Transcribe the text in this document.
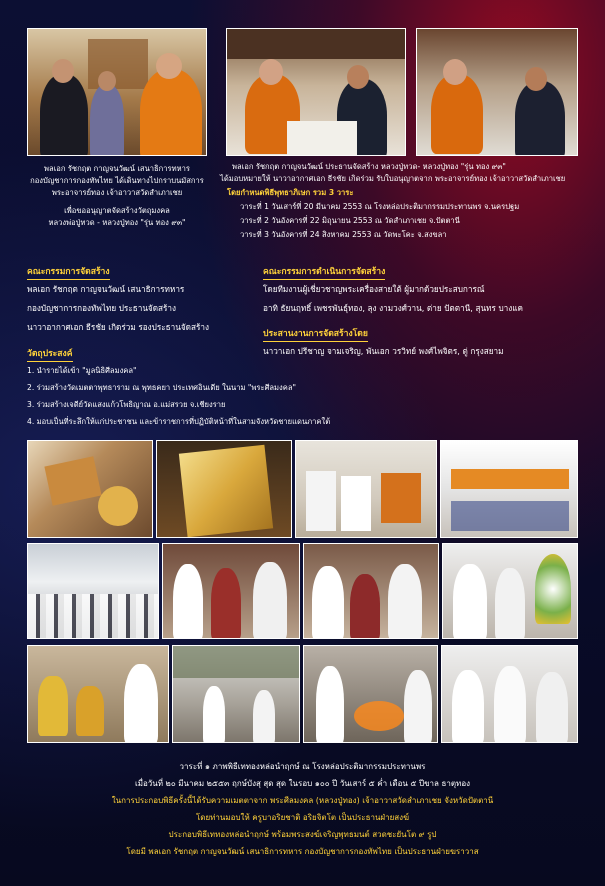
พลเอก รัชกฤต กาญจนวัฒน์ เสนาธิการทหาร
กองบัญชาการกองทัพไทย ได้เดินทางไปกราบนมัสการ
พระอาจารย์ทอง เจ้าอาวาสวัดสำเภาเชย
เพื่อขออนุญาตจัดสร้างวัตถุมงคล
หลวงพ่อปู่ทวด - หลวงปู่ทอง "รุ่น ทอง ๙๓"
พลเอก รัชกฤต กาญจนวัฒน์ ประธานจัดสร้าง หลวงปู่ทวด- หลวงปู่ทอง "รุ่น ทอง ๙๓"
ได้มอบหมายให้ นาวาอากาศเอก ธีรชัย เกิดร่วม รับใบอนุญาตจาก พระอาจารย์ทอง เจ้าอาวาสวัดสำเภาเชย
โดยกำหนดพิธีพุทธาภิเษก รวม 3 วาระ
วาระที่ 1 วันเสาร์ที่ 20 มีนาคม 2553 ณ โรงหล่อประติมากรรมประทานพร จ.นครปฐม
วาระที่ 2 วันอังคารที่ 22 มิถุนายน 2553 ณ วัดสำเภาเชย จ.ปัตตานี
วาระที่ 3 วันอังคารที่ 24 สิงหาคม 2553 ณ วัดพะโคะ จ.สงขลา
คณะกรรมการจัดสร้าง
พลเอก รัชกฤต กาญจนวัฒน์ เสนาธิการทหาร
กองบัญชาการกองทัพไทย ประธานจัดสร้าง
นาวาอากาศเอก ธีรชัย เกิดร่วม รองประธานจัดสร้าง
คณะกรรมการดำเนินการจัดสร้าง
โดยทีมงานผู้เชี่ยวชาญพระเครื่องสายใต้ ผู้มากด้วยประสบการณ์
อาทิ ธัยนฤทธิ์ เพชรพันธุ์ทอง, ลุง งามวงศ์วาน, ต่าย ปัตตานี, สุนทร บางแค
ประสานงานการจัดสร้างโดย
นาวาเอก ปรีชาญ จามเจริญ, พันเอก วรวิทย์ พงศ์ไพจิตร, ตู่ กรุงสยาม
วัตถุประสงค์
1. นำรายได้เข้า "มูลนิธิศีลมงคล"
2. ร่วมสร้างวัดเมตตาพุทธาราม ณ พุทธคยา ประเทศอินเดีย ในนาม "พระศีลมงคล"
3. ร่วมสร้างเจดีย์วัดแสงแก้วโพธิญาณ อ.แม่สรวย จ.เชียงราย
4. มอบเป็นที่ระลึกให้แก่ประชาชน และข้าราชการที่ปฏิบัติหน้าที่ในสามจังหวัดชายแดนภาคใต้
วาระที่ ๑ ภาพพิธีเททองหล่อนำฤกษ์ ณ โรงหล่อประติมากรรมประทานพร
เมื่อวันที่ ๒๐ มีนาคม ๒๕๕๓ ฤกษ์บังสุ สุด สุด ในรอบ ๑๐๐ ปี วันเสาร์ ๕ ค่ำ เดือน ๕ ปีขาล ธาตุทอง
ในการประกอบพิธีครั้งนี้ได้รับความเมตตาจาก พระศีลมงคล (หลวงปู่ทอง) เจ้าอาวาสวัดสำเภาเชย จังหวัดปัตตานี
โดยท่านมอบให้ ครูบาอริยชาติ อริยจิตโต เป็นประธานฝ่ายสงฆ์
ประกอบพิธีเททองหล่อนำฤกษ์ พร้อมพระสงฆ์เจริญพุทธมนต์ สวดชะยันโต ๙ รูป
โดยมี พลเอก รัชกฤต กาญจนวัฒน์ เสนาธิการทหาร กองบัญชาการกองทัพไทย เป็นประธานฝ่ายฆราวาส
